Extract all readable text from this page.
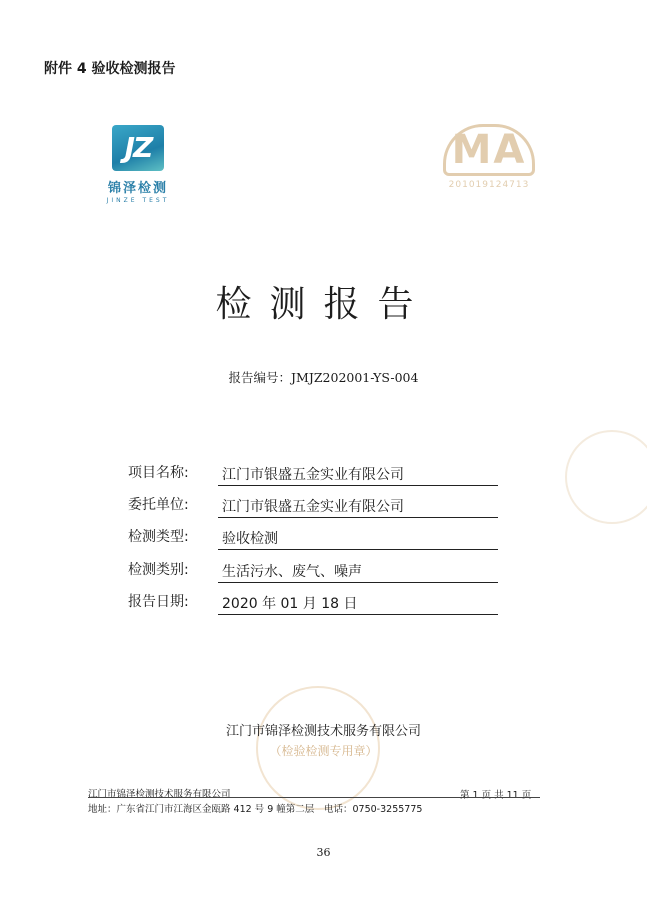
附件 4 验收检测报告
JZ
锦泽检测
JINZE TEST
MA
201019124713
检测报告
报告编号：JMJZ202001-YS-004
项目名称: 江门市银盛五金实业有限公司
委托单位: 江门市银盛五金实业有限公司
检测类型: 验收检测
检测类别: 生活污水、废气、噪声
报告日期: 2020 年 01 月 18 日
江门市锦泽检测技术服务有限公司
（检验检测专用章）
江门市锦泽检测技术服务有限公司	第 1 页 共 11 页
地址：广东省江门市江海区金瓯路 412 号 9 幢第二层 电话：0750-3255775
36
